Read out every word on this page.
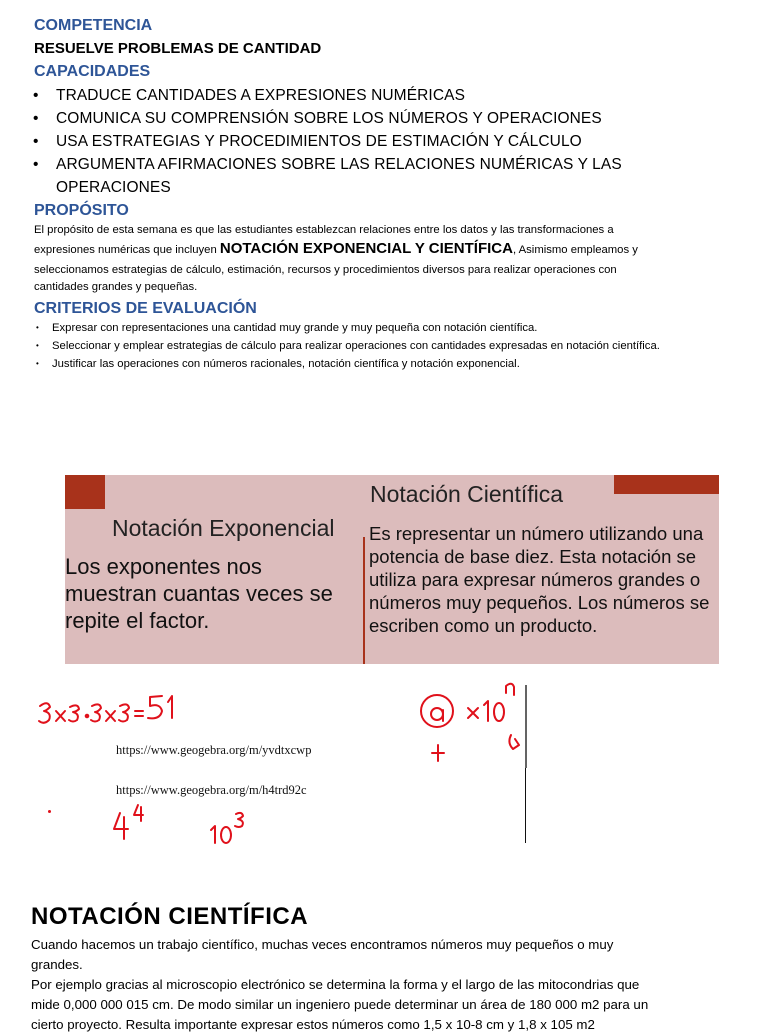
COMPETENCIA
RESUELVE PROBLEMAS DE CANTIDAD
CAPACIDADES
• TRADUCE CANTIDADES A EXPRESIONES NUMÉRICAS
• COMUNICA SU COMPRENSIÓN SOBRE LOS NÚMEROS Y OPERACIONES
• USA ESTRATEGIAS Y PROCEDIMIENTOS DE ESTIMACIÓN Y CÁLCULO
• ARGUMENTA AFIRMACIONES SOBRE LAS RELACIONES NUMÉRICAS Y LAS
OPERACIONES
PROPÓSITO
El propósito de esta semana es que las estudiantes establezcan relaciones entre los datos y las transformaciones a
expresiones numéricas que incluyen NOTACIÓN EXPONENCIAL Y CIENTÍFICA, Asimismo empleamos y
seleccionamos estrategias de cálculo, estimación, recursos y procedimientos diversos para realizar operaciones con
cantidades grandes y pequeñas.
CRITERIOS DE EVALUACIÓN
• Expresar con representaciones una cantidad muy grande y muy pequeña con notación científica.
• Seleccionar y emplear estrategias de cálculo para realizar operaciones con cantidades expresadas en notación científica.
• Justificar las operaciones con números racionales, notación científica y notación exponencial.
Notación Exponencial
Los exponentes nos muestran cuantas veces se repite el factor.
Notación Científica
Es representar un número utilizando una potencia de base diez. Esta notación se utiliza para expresar números grandes o números muy pequeños. Los números se escriben como un producto.
https://www.geogebra.org/m/yvdtxcwp
https://www.geogebra.org/m/h4trd92c
NOTACIÓN CIENTÍFICA
Cuando hacemos un trabajo científico, muchas veces encontramos números muy pequeños o muy
grandes.
Por ejemplo gracias al microscopio electrónico se determina la forma y el largo de las mitocondrias que
mide 0,000 000 015 cm. De modo similar un ingeniero puede determinar un área de 180 000 m2 para un
cierto proyecto. Resulta importante expresar estos números como 1,5 x 10-8 cm y 1,8 x 105 m2
